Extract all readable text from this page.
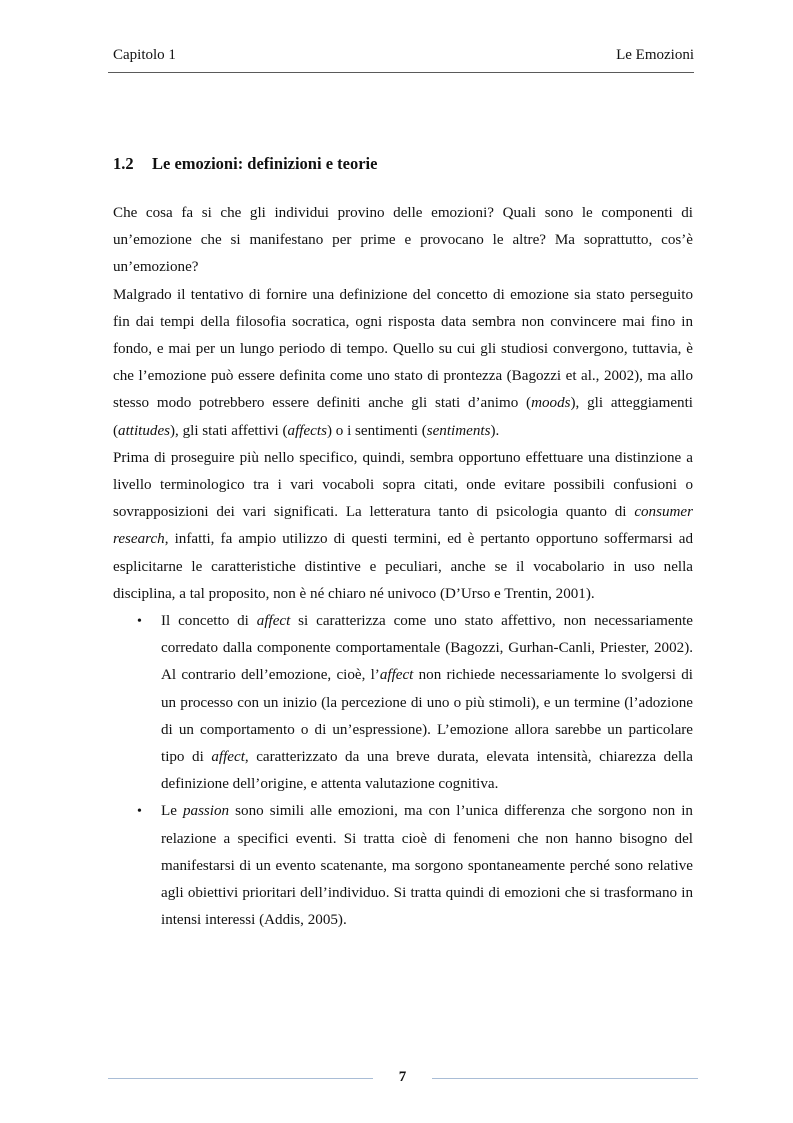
Capitolo 1	Le Emozioni
1.2 Le emozioni: definizioni e teorie

Che cosa fa si che gli individui provino delle emozioni? Quali sono le componenti di un’emozione che si manifestano per prime e provocano le altre? Ma soprattutto, cos’è un’emozione?

Malgrado il tentativo di fornire una definizione del concetto di emozione sia stato perseguito fin dai tempi della filosofia socratica, ogni risposta data sembra non convincere mai fino in fondo, e mai per un lungo periodo di tempo. Quello su cui gli studiosi convergono, tuttavia, è che l’emozione può essere definita come uno stato di prontezza (Bagozzi et al., 2002), ma allo stesso modo potrebbero essere definiti anche gli stati d’animo (moods), gli atteggiamenti (attitudes), gli stati affettivi (affects) o i sentimenti (sentiments).

Prima di proseguire più nello specifico, quindi, sembra opportuno effettuare una distinzione a livello terminologico tra i vari vocaboli sopra citati, onde evitare possibili confusioni o sovrapposizioni dei vari significati. La letteratura tanto di psicologia quanto di consumer research, infatti, fa ampio utilizzo di questi termini, ed è pertanto opportuno soffermarsi ad esplicitarne le caratteristiche distintive e peculiari, anche se il vocabolario in uso nella disciplina, a tal proposito, non è né chiaro né univoco (D’Urso e Trentin, 2001).

• Il concetto di affect si caratterizza come uno stato affettivo, non necessariamente corredato dalla componente comportamentale (Bagozzi, Gurhan-Canli, Priester, 2002). Al contrario dell’emozione, cioè, l’affect non richiede necessariamente lo svolgersi di un processo con un inizio (la percezione di uno o più stimoli), e un termine (l’adozione di un comportamento o di un’espressione). L’emozione allora sarebbe un particolare tipo di affect, caratterizzato da una breve durata, elevata intensità, chiarezza della definizione dell’origine, e attenta valutazione cognitiva.
• Le passion sono simili alle emozioni, ma con l’unica differenza che sorgono non in relazione a specifici eventi. Si tratta cioè di fenomeni che non hanno bisogno del manifestarsi di un evento scatenante, ma sorgono spontaneamente perché sono relative agli obiettivi prioritari dell’individuo. Si tratta quindi di emozioni che si trasformano in intensi interessi (Addis, 2005).
7
